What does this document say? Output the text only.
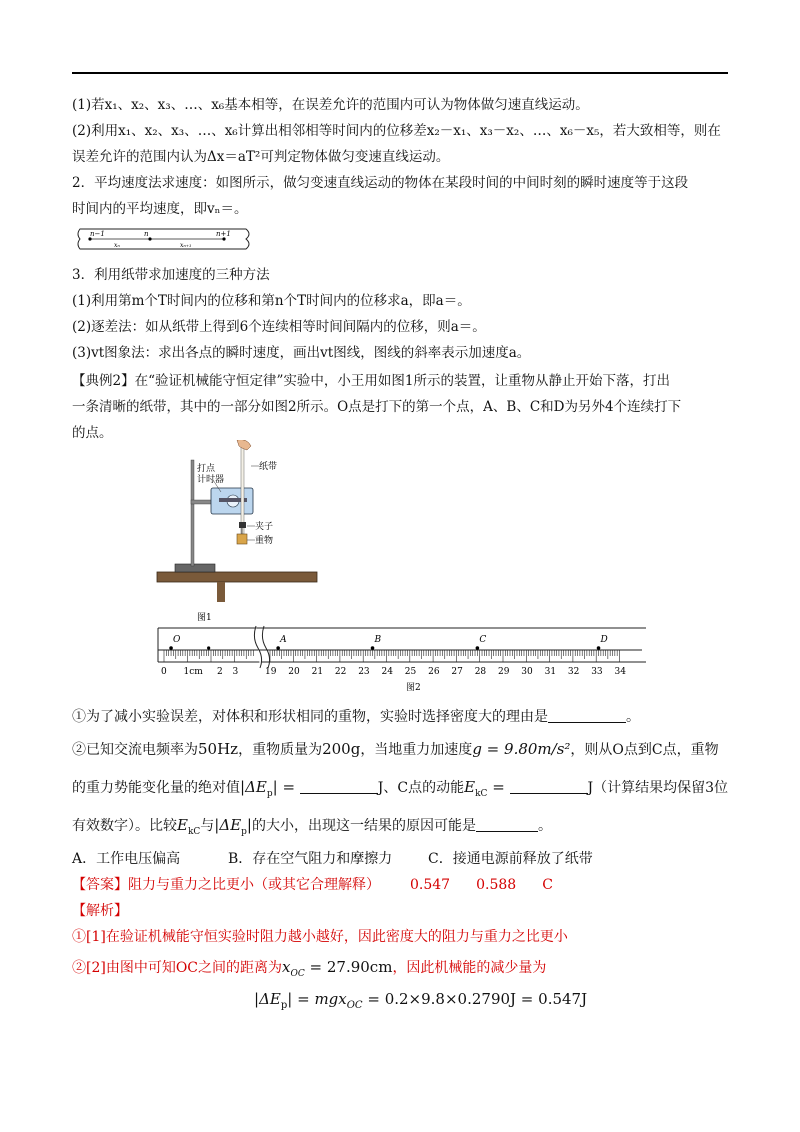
(1)若x₁、x₂、x₃、…、x₆基本相等，在误差允许的范围内可认为物体做匀速直线运动。
(2)利用x₁、x₂、x₃、…、x₆计算出相邻相等时间内的位移差x₂－x₁、x₃－x₂、…、x₆－x₅，若大致相等，则在
误差允许的范围内认为Δx＝aT²可判定物体做匀变速直线运动。
2．平均速度法求速度：如图所示，做匀变速直线运动的物体在某段时间的中间时刻的瞬时速度等于这段
时间内的平均速度，即vₙ＝。
n−1	n	n+1
xₙ	xₙ₊₁
3．利用纸带求加速度的三种方法
(1)利用第m个T时间内的位移和第n个T时间内的位移求a，即a＝。
(2)逐差法：如从纸带上得到6个连续相等时间间隔内的位移，则a＝。
(3)vt图象法：求出各点的瞬时速度，画出vt图线，图线的斜率表示加速度a。
【典例2】在“验证机械能守恒定律”实验中，小王用如图1所示的装置，让重物从静止开始下落，打出
一条清晰的纸带，其中的一部分如图2所示。O点是打下的第一个点，A、B、C和D为另外4个连续打下
的点。
打点
计时器
纸带
夹子
重物
图1
0 1cm 2 3	19 20 21 22 23 24 25 26 27 28 29 30 31 32 33 34
O	A	B	C	D
图2
①为了减小实验误差，对体积和形状相同的重物，实验时选择密度大的理由是	。
②已知交流电频率为50Hz，重物质量为200g，当地重力加速度g = 9.80m/s²，则从O点到C点，重物
的重力势能变化量的绝对值$|\Delta E_p|$ =	J、C点的动能$E_{kC}$ =	J（计算结果均保留3位
有效数字）。比较$E_{kC}$与$|\Delta E_p|$的大小，出现这一结果的原因可能是	。
A．工作电压偏高	B．存在空气阻力和摩擦力	C．接通电源前释放了纸带
【答案】阻力与重力之比更小（或其它合理解释） 0.547 0.588 C
【解析】
①[1]在验证机械能守恒实验时阻力越小越好，因此密度大的阻力与重力之比更小
②[2]由图中可知OC之间的距离为$x_{OC} = 27.90cm$，因此机械能的减少量为
$|\Delta E_p| = mgx_{OC} = 0.2\times 9.8\times 0.2790J = 0.547J$
